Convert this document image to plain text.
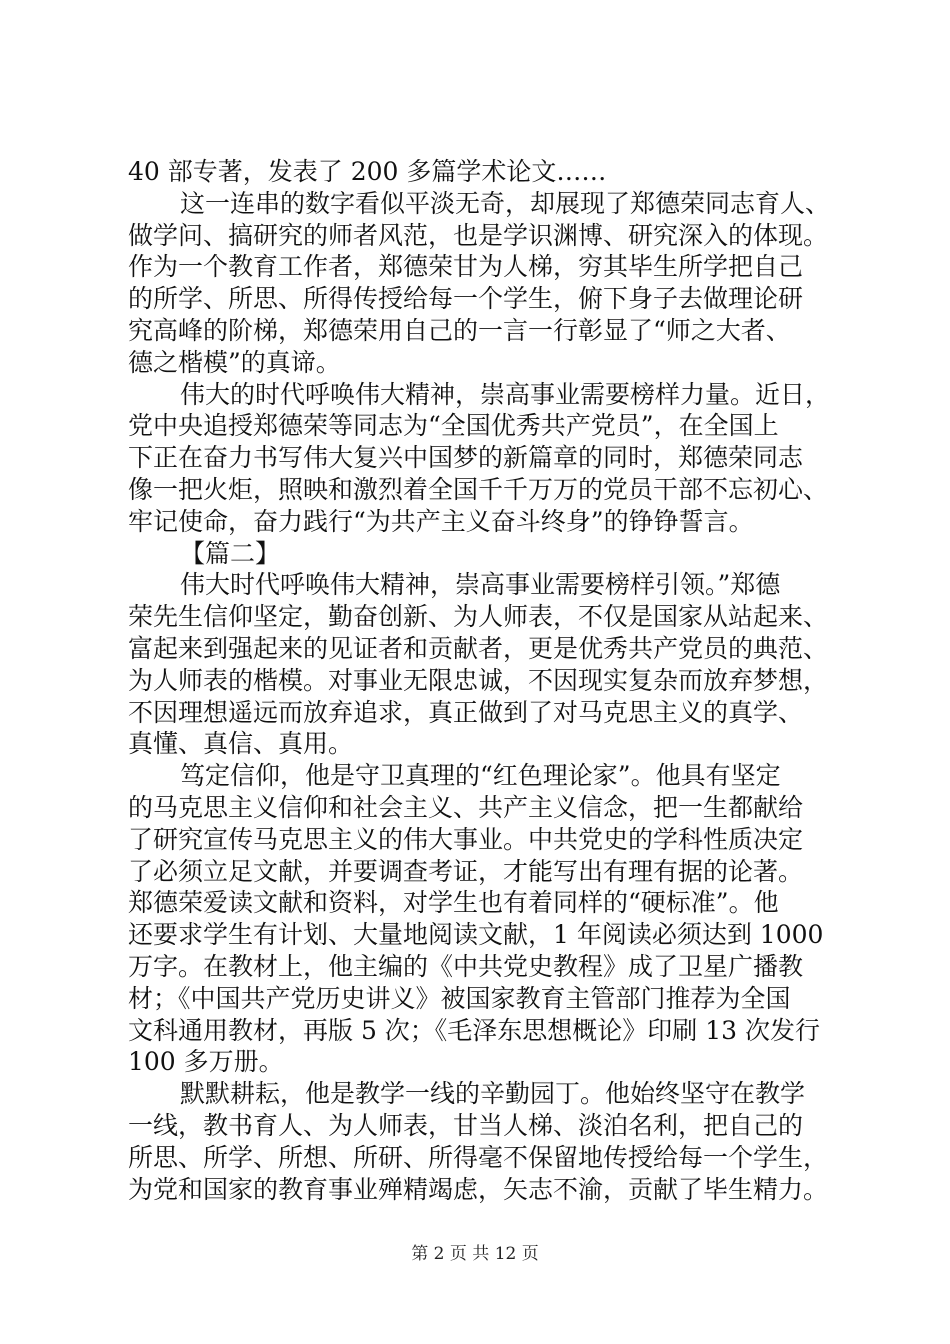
40 部专著，发表了 200 多篇学术论文……
这一连串的数字看似平淡无奇，却展现了郑德荣同志育人、
做学问、搞研究的师者风范，也是学识渊博、研究深入的体现。
作为一个教育工作者，郑德荣甘为人梯，穷其毕生所学把自己
的所学、所思、所得传授给每一个学生，俯下身子去做理论研
究高峰的阶梯，郑德荣用自己的一言一行彰显了“师之大者、
德之楷模”的真谛。
伟大的时代呼唤伟大精神，崇高事业需要榜样力量。近日，
党中央追授郑德荣等同志为“全国优秀共产党员”，在全国上
下正在奋力书写伟大复兴中国梦的新篇章的同时，郑德荣同志
像一把火炬，照映和激烈着全国千千万万的党员干部不忘初心、
牢记使命，奋力践行“为共产主义奋斗终身”的铮铮誓言。
【篇二】
伟大时代呼唤伟大精神，崇高事业需要榜样引领。”郑德
荣先生信仰坚定，勤奋创新、为人师表，不仅是国家从站起来、
富起来到强起来的见证者和贡献者，更是优秀共产党员的典范、
为人师表的楷模。对事业无限忠诚，不因现实复杂而放弃梦想，
不因理想遥远而放弃追求，真正做到了对马克思主义的真学、
真懂、真信、真用。
笃定信仰，他是守卫真理的“红色理论家”。他具有坚定
的马克思主义信仰和社会主义、共产主义信念，把一生都献给
了研究宣传马克思主义的伟大事业。中共党史的学科性质决定
了必须立足文献，并要调查考证，才能写出有理有据的论著。
郑德荣爱读文献和资料，对学生也有着同样的“硬标准”。他
还要求学生有计划、大量地阅读文献，1 年阅读必须达到 1000
万字。在教材上，他主编的《中共党史教程》成了卫星广播教
材；《中国共产党历史讲义》被国家教育主管部门推荐为全国
文科通用教材，再版 5 次；《毛泽东思想概论》印刷 13 次发行
100 多万册。
默默耕耘，他是教学一线的辛勤园丁。他始终坚守在教学
一线，教书育人、为人师表，甘当人梯、淡泊名利，把自己的
所思、所学、所想、所研、所得毫不保留地传授给每一个学生，
为党和国家的教育事业殚精竭虑，矢志不渝，贡献了毕生精力。
第 2 页 共 12 页
